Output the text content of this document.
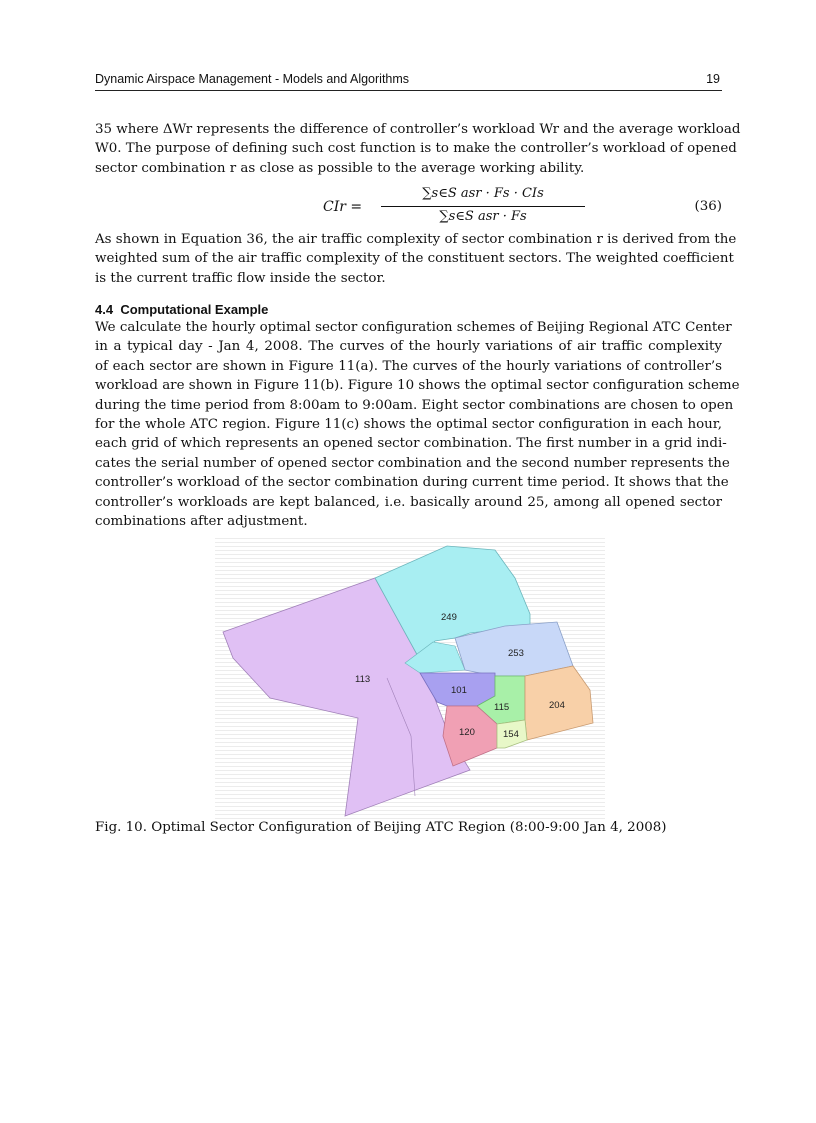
Dynamic Airspace Management - Models and Algorithms	19

35 where ΔWr represents the difference of controller’s workload Wr and the average workload
W0. The purpose of defining such cost function is to make the controller’s workload of opened
sector combination r as close as possible to the average working ability.

CIr =
∑s∈S asr · Fs · CIs
∑s∈S asr · Fs
(36)

As shown in Equation 36, the air traffic complexity of sector combination r is derived from the
weighted sum of the air traffic complexity of the constituent sectors. The weighted coefficient
is the current traffic flow inside the sector.

4.4 Computational Example

We calculate the hourly optimal sector configuration schemes of Beijing Regional ATC Center
in a typical day - Jan 4, 2008. The curves of the hourly variations of air traffic complexity
of each sector are shown in Figure 11(a). The curves of the hourly variations of controller’s
workload are shown in Figure 11(b). Figure 10 shows the optimal sector configuration scheme
during the time period from 8:00am to 9:00am. Eight sector combinations are chosen to open
for the whole ATC region. Figure 11(c) shows the optimal sector configuration in each hour,
each grid of which represents an opened sector combination. The first number in a grid indi-
cates the serial number of opened sector combination and the second number represents the
controller’s workload of the sector combination during current time period. It shows that the
controller’s workloads are kept balanced, i.e. basically around 25, among all opened sector
combinations after adjustment.

249
253
113
101
115	204
120	154
Fig. 10. Optimal Sector Configuration of Beijing ATC Region (8:00-9:00 Jan 4, 2008)
